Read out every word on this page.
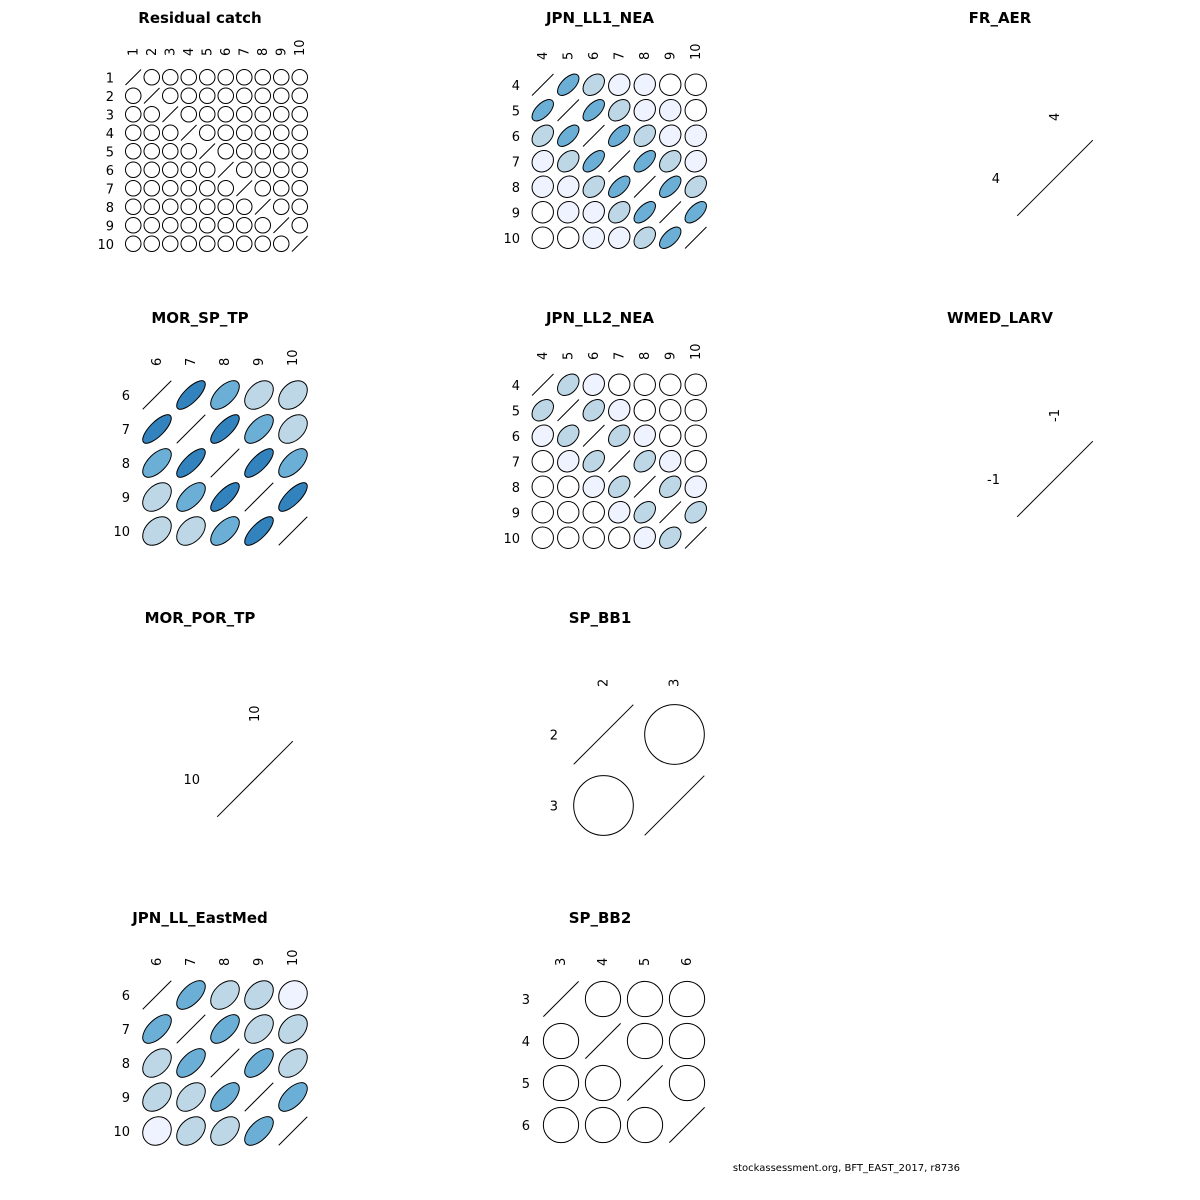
stockassessment.org, BFT_EAST_2017, r8736
Residual catch
1
1
2
2
3
3
4
4
5
5
6
6
7
7
8
8
9
9
10
10
JPN_LL1_NEA
4
4
5
5
6
6
7
7
8
8
9
9
10
10
FR_AER
4
4
MOR_SP_TP
6
6
7
7
8
8
9
9
10
10
JPN_LL2_NEA
4
4
5
5
6
6
7
7
8
8
9
9
10
10
WMED_LARV
-1
-1
MOR_POR_TP
10
10
SP_BB1
2
2
3
3
JPN_LL_EastMed
6
6
7
7
8
8
9
9
10
10
SP_BB2
3
3
4
4
5
5
6
6
